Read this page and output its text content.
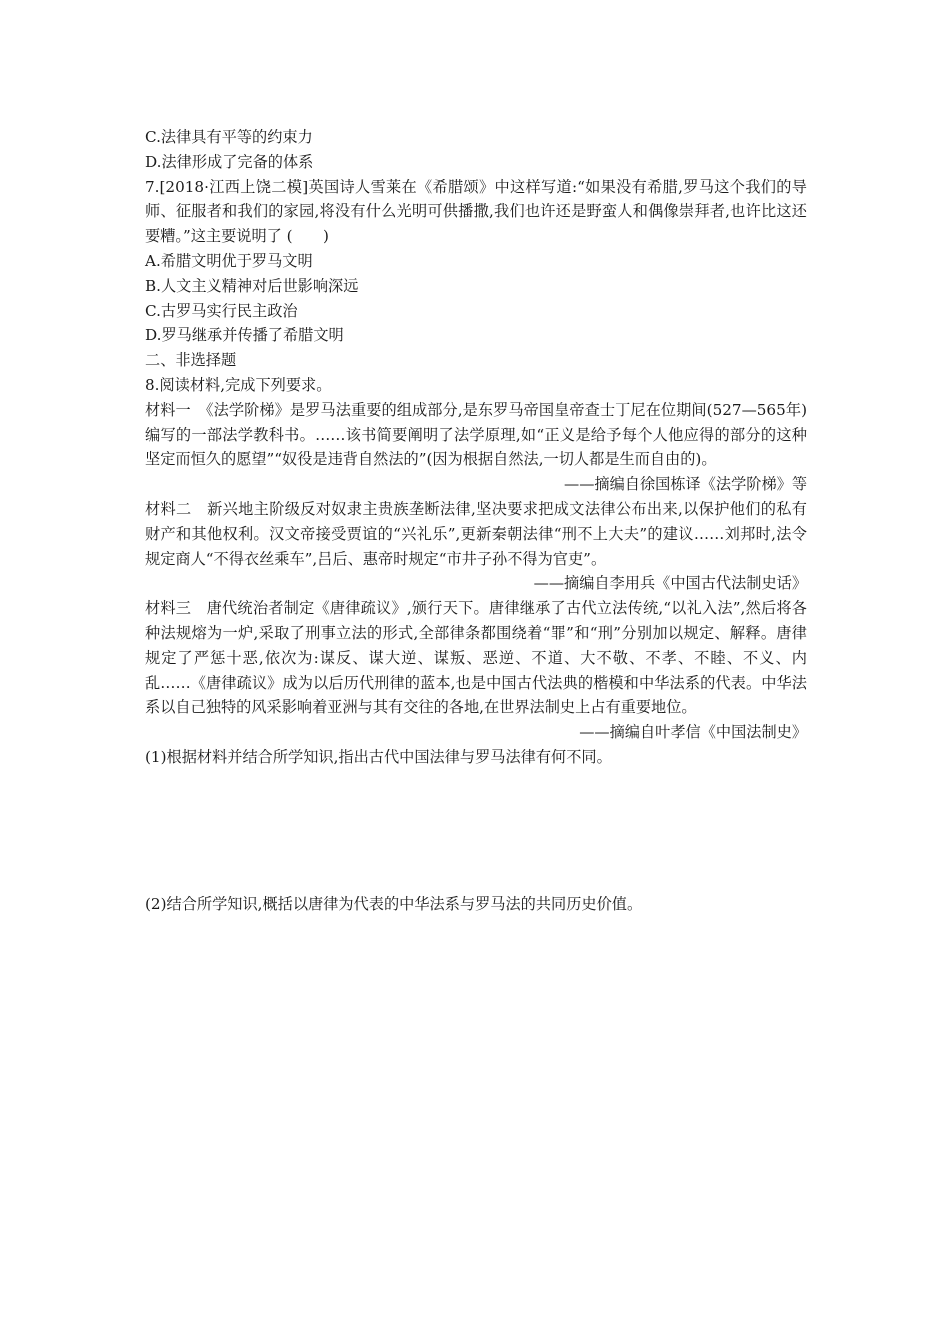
C.法律具有平等的约束力
D.法律形成了完备的体系
7.[2018·江西上饶二模]英国诗人雪莱在《希腊颂》中这样写道:“如果没有希腊,罗马这个我们的导师、征服者和我们的家园,将没有什么光明可供播撒,我们也许还是野蛮人和偶像崇拜者,也许比这还要糟。”这主要说明了 (　　)
A.希腊文明优于罗马文明
B.人文主义精神对后世影响深远
C.古罗马实行民主政治
D.罗马继承并传播了希腊文明
二、非选择题
8.阅读材料,完成下列要求。
材料一　《法学阶梯》是罗马法重要的组成部分,是东罗马帝国皇帝查士丁尼在位期间(527—565年)编写的一部法学教科书。……该书简要阐明了法学原理,如“正义是给予每个人他应得的部分的这种坚定而恒久的愿望”“奴役是违背自然法的”(因为根据自然法,一切人都是生而自由的)。
——摘编自徐国栋译《法学阶梯》等
材料二　新兴地主阶级反对奴隶主贵族垄断法律,坚决要求把成文法律公布出来,以保护他们的私有财产和其他权利。汉文帝接受贾谊的“兴礼乐”,更新秦朝法律“刑不上大夫”的建议……刘邦时,法令规定商人“不得衣丝乘车”,吕后、惠帝时规定“市井子孙不得为官吏”。
——摘编自李用兵《中国古代法制史话》
材料三　唐代统治者制定《唐律疏议》,颁行天下。唐律继承了古代立法传统,“以礼入法”,然后将各种法规熔为一炉,采取了刑事立法的形式,全部律条都围绕着“罪”和“刑”分别加以规定、解释。唐律规定了严惩十恶,依次为:谋反、谋大逆、谋叛、恶逆、不道、大不敬、不孝、不睦、不义、内乱……《唐律疏议》成为以后历代刑律的蓝本,也是中国古代法典的楷模和中华法系的代表。中华法系以自己独特的风采影响着亚洲与其有交往的各地,在世界法制史上占有重要地位。
——摘编自叶孝信《中国法制史》
(1)根据材料并结合所学知识,指出古代中国法律与罗马法律有何不同。
(2)结合所学知识,概括以唐律为代表的中华法系与罗马法的共同历史价值。
